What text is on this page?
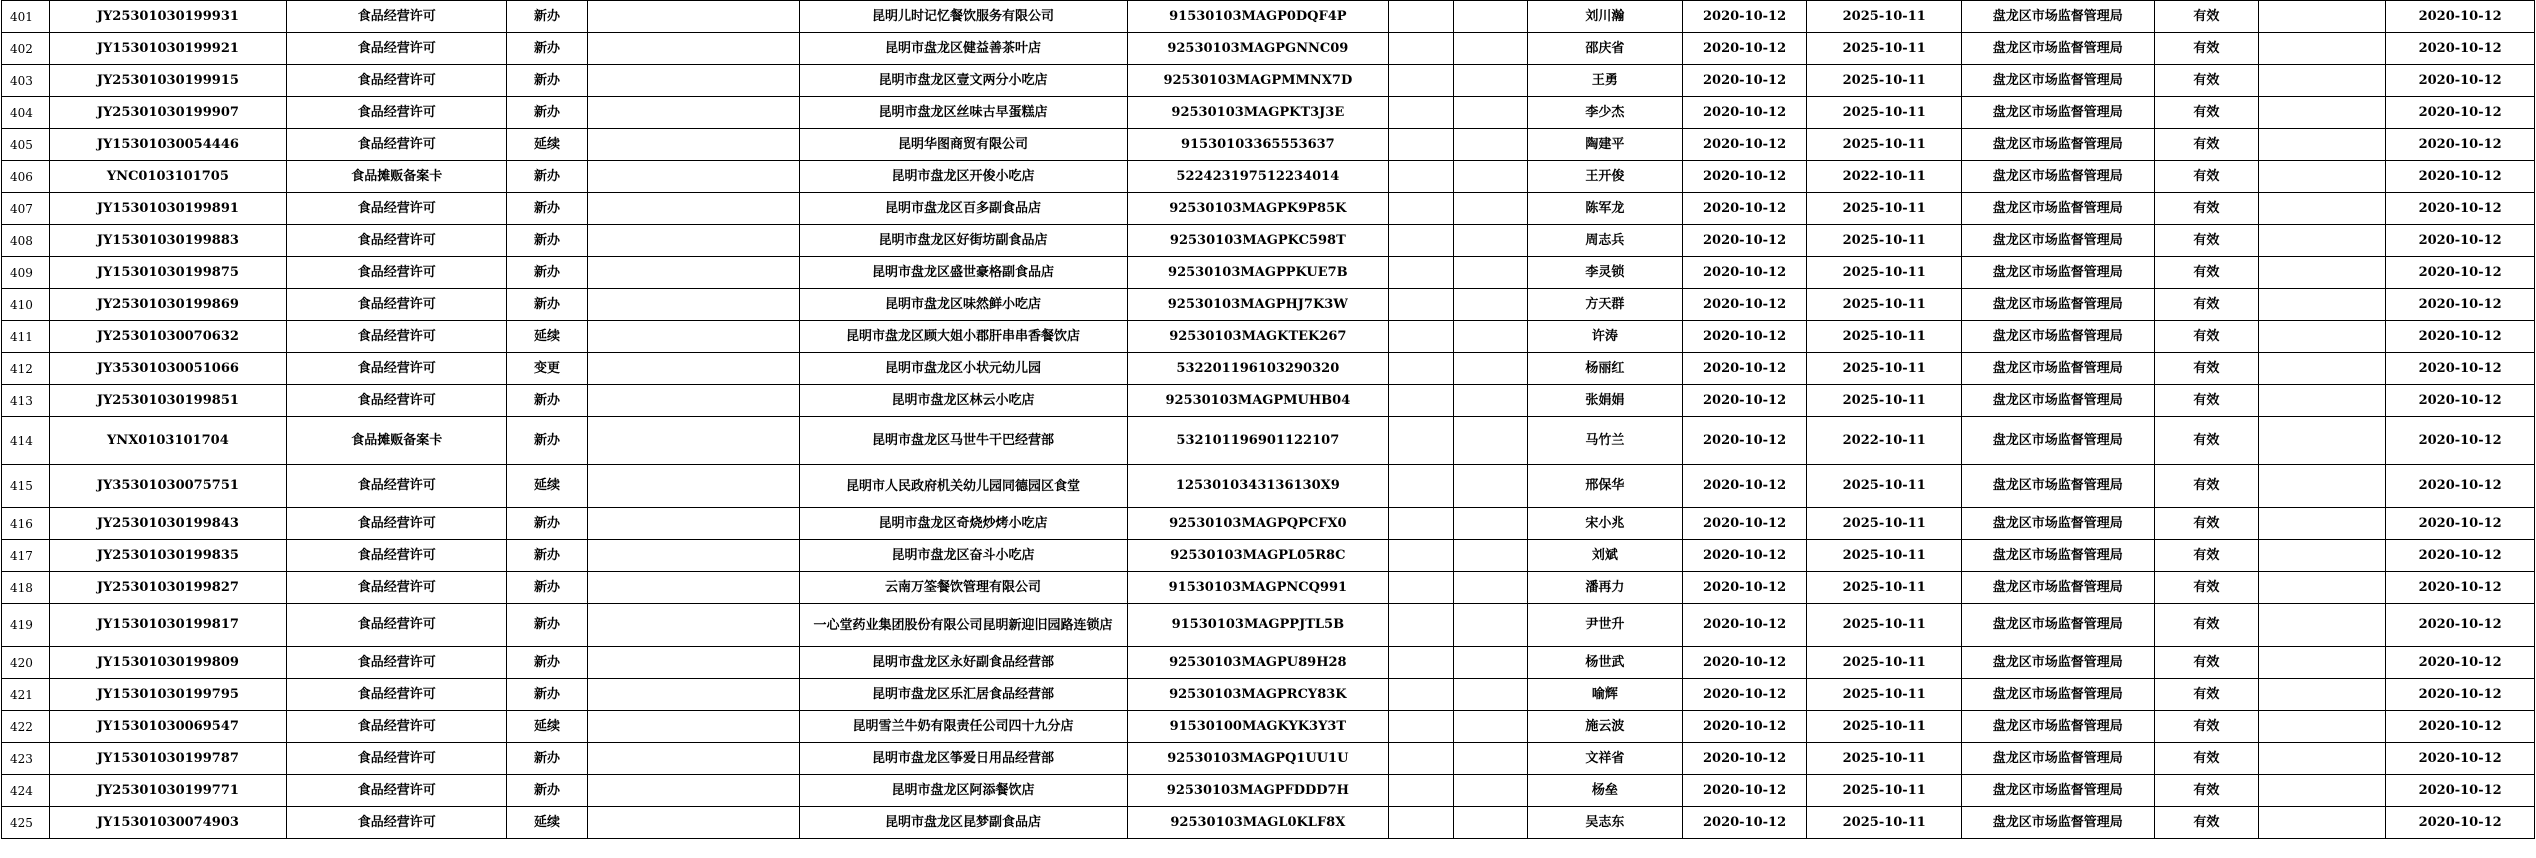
401	JY25301030199931	食品经营许可	新办		昆明儿时记忆餐饮服务有限公司	91530103MAGP0DQF4P			刘川瀚	2020-10-12	2025-10-11	盘龙区市场监督管理局	有效		2020-10-12
402	JY15301030199921	食品经营许可	新办		昆明市盘龙区健益善茶叶店	92530103MAGPGNNC09			邵庆省	2020-10-12	2025-10-11	盘龙区市场监督管理局	有效		2020-10-12
403	JY25301030199915	食品经营许可	新办		昆明市盘龙区壹文两分小吃店	92530103MAGPMMNX7D			王勇	2020-10-12	2025-10-11	盘龙区市场监督管理局	有效		2020-10-12
404	JY25301030199907	食品经营许可	新办		昆明市盘龙区丝味古早蛋糕店	92530103MAGPKT3J3E			李少杰	2020-10-12	2025-10-11	盘龙区市场监督管理局	有效		2020-10-12
405	JY15301030054446	食品经营许可	延续		昆明华图商贸有限公司	91530103365553637			陶建平	2020-10-12	2025-10-11	盘龙区市场监督管理局	有效		2020-10-12
406	YNC0103101705	食品摊贩备案卡	新办		昆明市盘龙区开俊小吃店	522423197512234014			王开俊	2020-10-12	2022-10-11	盘龙区市场监督管理局	有效		2020-10-12
407	JY15301030199891	食品经营许可	新办		昆明市盘龙区百多副食品店	92530103MAGPK9P85K			陈军龙	2020-10-12	2025-10-11	盘龙区市场监督管理局	有效		2020-10-12
408	JY15301030199883	食品经营许可	新办		昆明市盘龙区好街坊副食品店	92530103MAGPKC598T			周志兵	2020-10-12	2025-10-11	盘龙区市场监督管理局	有效		2020-10-12
409	JY15301030199875	食品经营许可	新办		昆明市盘龙区盛世豪格副食品店	92530103MAGPPKUE7B			李灵锁	2020-10-12	2025-10-11	盘龙区市场监督管理局	有效		2020-10-12
410	JY25301030199869	食品经营许可	新办		昆明市盘龙区味然鲜小吃店	92530103MAGPHJ7K3W			方天群	2020-10-12	2025-10-11	盘龙区市场监督管理局	有效		2020-10-12
411	JY25301030070632	食品经营许可	延续		昆明市盘龙区顾大姐小郡肝串串香餐饮店	92530103MAGKTEK267			许涛	2020-10-12	2025-10-11	盘龙区市场监督管理局	有效		2020-10-12
412	JY35301030051066	食品经营许可	变更		昆明市盘龙区小状元幼儿园	532201196103290320			杨丽红	2020-10-12	2025-10-11	盘龙区市场监督管理局	有效		2020-10-12
413	JY25301030199851	食品经营许可	新办		昆明市盘龙区林云小吃店	92530103MAGPMUHB04			张娟娟	2020-10-12	2025-10-11	盘龙区市场监督管理局	有效		2020-10-12
414	YNX0103101704	食品摊贩备案卡	新办		昆明市盘龙区马世牛干巴经营部	532101196901122107			马竹兰	2020-10-12	2022-10-11	盘龙区市场监督管理局	有效		2020-10-12
415	JY35301030075751	食品经营许可	延续		昆明市人民政府机关幼儿园同德园区食堂	12530103431361​30X9			邢保华	2020-10-12	2025-10-11	盘龙区市场监督管理局	有效		2020-10-12
416	JY25301030199843	食品经营许可	新办		昆明市盘龙区奇烧炒烤小吃店	92530103MAGPQPCFX0			宋小兆	2020-10-12	2025-10-11	盘龙区市场监督管理局	有效		2020-10-12
417	JY25301030199835	食品经营许可	新办		昆明市盘龙区奋斗小吃店	92530103MAGPL05R8C			刘斌	2020-10-12	2025-10-11	盘龙区市场监督管理局	有效		2020-10-12
418	JY25301030199827	食品经营许可	新办		云南万筌餐饮管理有限公司	91530103MAGPNCQ991			潘再力	2020-10-12	2025-10-11	盘龙区市场监督管理局	有效		2020-10-12
419	JY15301030199817	食品经营许可	新办		一心堂药业集团股份有限公司昆明新迎旧园路连锁店	91530103MAGPPJTL5B			尹世升	2020-10-12	2025-10-11	盘龙区市场监督管理局	有效		2020-10-12
420	JY15301030199809	食品经营许可	新办		昆明市盘龙区永好副食品经营部	92530103MAGPU89H28			杨世武	2020-10-12	2025-10-11	盘龙区市场监督管理局	有效		2020-10-12
421	JY15301030199795	食品经营许可	新办		昆明市盘龙区乐汇居食品经营部	92530103MAGPRCY83K			喻辉	2020-10-12	2025-10-11	盘龙区市场监督管理局	有效		2020-10-12
422	JY15301030069547	食品经营许可	延续		昆明雪兰牛奶有限责任公司四十九分店	91530100MAGKYK3Y3T			施云波	2020-10-12	2025-10-11	盘龙区市场监督管理局	有效		2020-10-12
423	JY15301030199787	食品经营许可	新办		昆明市盘龙区筝爱日用品经营部	92530103MAGPQ1UU1U			文祥省	2020-10-12	2025-10-11	盘龙区市场监督管理局	有效		2020-10-12
424	JY25301030199771	食品经营许可	新办		昆明市盘龙区阿添餐饮店	92530103MAGPFDDD7H			杨垒	2020-10-12	2025-10-11	盘龙区市场监督管理局	有效		2020-10-12
425	JY15301030074903	食品经营许可	延续		昆明市盘龙区昆梦副食品店	92530103MAGL0KLF8X			吴志东	2020-10-12	2025-10-11	盘龙区市场监督管理局	有效		2020-10-12
